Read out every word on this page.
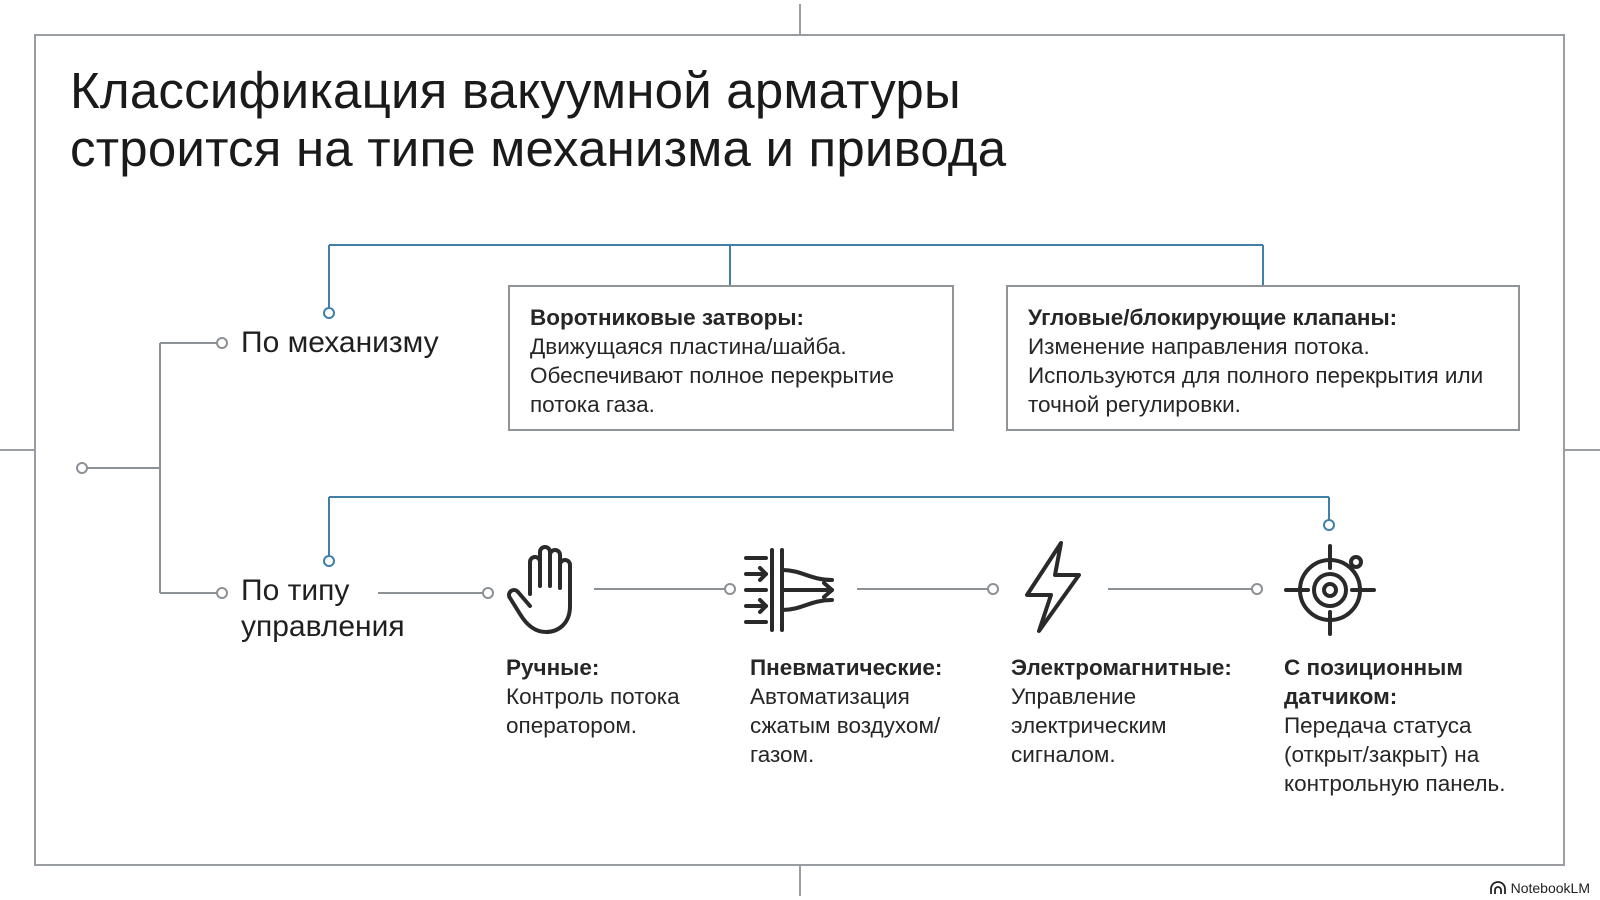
Классификация вакуумной арматуры
строится на типе механизма и привода
По механизму
Воротниковые затворы:
Движущаяся пластина/шайба. Обеспечивают полное перекрытие потока газа.
Угловые/блокирующие клапаны:
Изменение направления потока. Используются для полного перекрытия или точной регулировки.
По типу
управления
Ручные:
Контроль потока оператором.
Пневматические:
Автоматизация сжатым воздухом/газом.
Электромагнитные:
Управление электрическим сигналом.
С позиционным датчиком:
Передача статуса (открыт/закрыт) на контрольную панель.
NotebookLM
